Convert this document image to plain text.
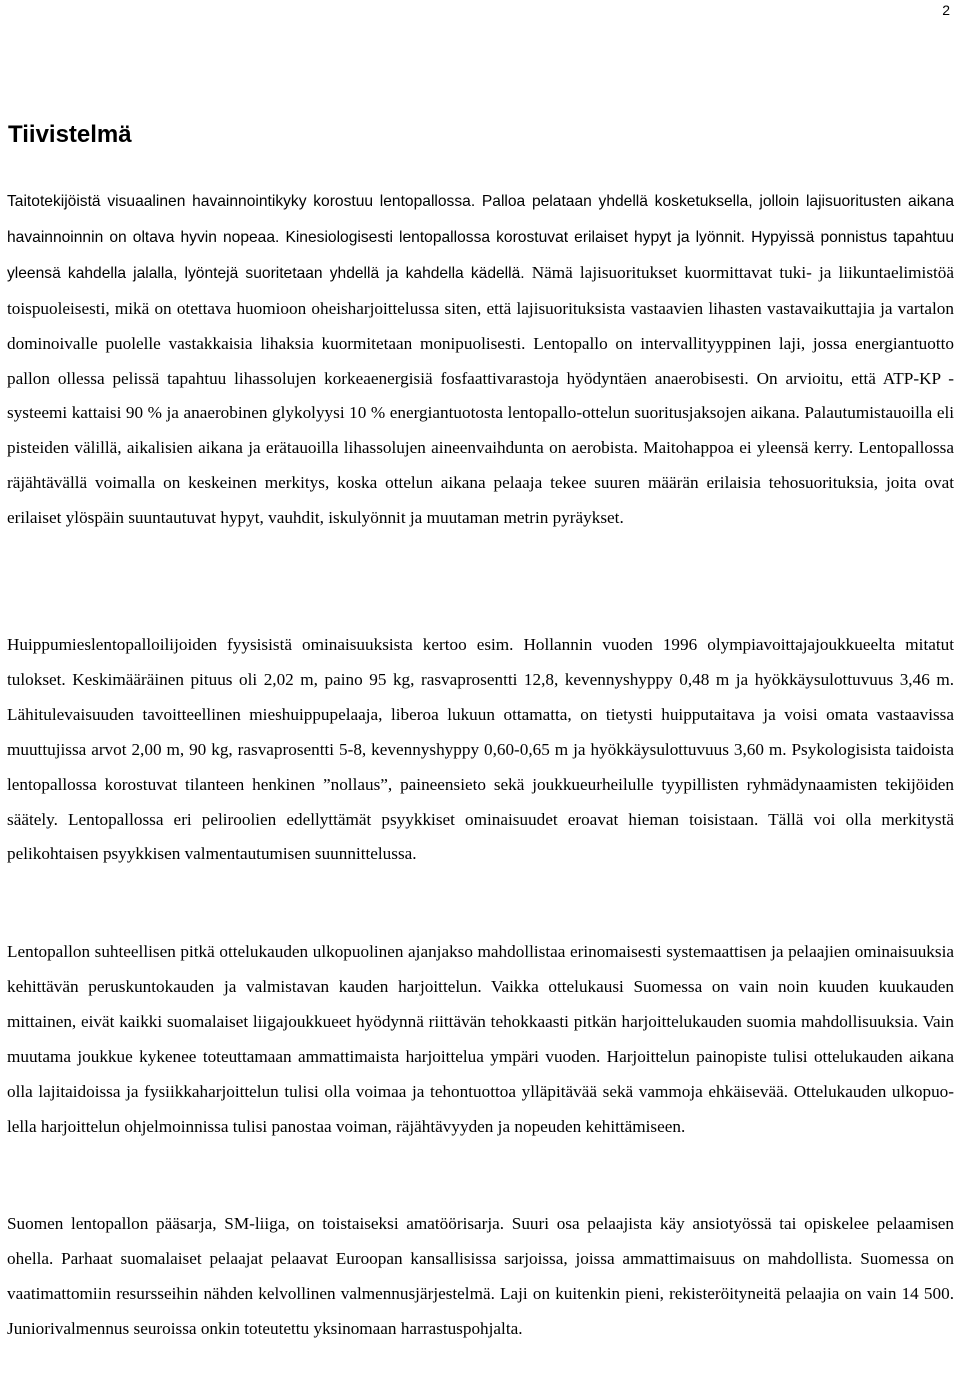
2
Tiivistelmä

Taitotekijöistä visuaalinen havainnointikyky korostuu lentopallossa. Palloa pelataan yhdellä kosketuksella, jolloin lajisuoritusten aikana havainnoinnin on oltava hyvin nopeaa. Kinesiologisesti lentopallossa korostuvat erilaiset hypyt ja lyönnit. Hypyissä ponnistus tapahtuu yleensä kahdella jalalla, lyöntejä suoritetaan yhdellä ja kahdella kädellä. Nämä lajisuoritukset kuormittavat tuki- ja liikuntaelimistöä toispuoleisesti, mikä on otettava huomioon oheisharjoittelussa siten, että lajisuorituksista vastaavien lihasten vastavaikuttajia ja vartalon dominoivalle puolelle vastakkaisia lihaksia kuormitetaan monipuolisesti. Lentopallo on intervallityyppinen laji, jossa energiantuotto pallon ollessa pelissä tapahtuu lihassolujen korkeaenergisiä fosfaattivarastoja hyödyntäen anaerobisesti. On arvioitu, että ATP-KP -systeemi kattaisi 90 % ja anaerobinen glykolyysi 10 % energiantuotosta lentopallo-ottelun suoritusjaksojen aikana. Palautumistauoilla eli pisteiden välillä, aikalisien aikana ja erätauoilla lihassolujen aineenvaihdunta on aerobista. Maitohappoa ei yleensä kerry. Lentopallossa räjähtävällä voimalla on keskeinen merkitys, koska ottelun aikana pelaaja tekee suuren määrän erilaisia tehosuorituksia, joita ovat erilaiset ylöspäin suuntautuvat hypyt, vauhdit, iskulyönnit ja muutaman metrin pyräykset.

Huippumieslentopalloilijoiden fyysisistä ominaisuuksista kertoo esim. Hollannin vuoden 1996 olympiavoittajajoukkueelta mitatut tulokset. Keskimääräinen pituus oli 2,02 m, paino 95 kg, rasvaprosentti 12,8, kevennyshyppy 0,48 m ja hyökkäysulottuvuus 3,46 m. Lähitulevaisuuden tavoitteellinen mieshuippupelaaja, liberoa lukuun ottamatta, on tietysti huipputaitava ja voisi omata vastaavissa muuttujissa arvot 2,00 m, 90 kg, rasvaprosentti 5-8, kevennyshyppy 0,60-0,65 m ja hyökkäysulottuvuus 3,60 m. Psykologisista taidoista lentopallossa korostuvat tilanteen henkinen ”nollaus”, paineensieto sekä joukkueurheilulle tyypillisten ryhmädynaamisten tekijöiden säätely. Lentopallossa eri peliroolien edellyttämät psyykkiset ominaisuudet eroavat hieman toisistaan. Tällä voi olla merkitystä pelikohtaisen psyykkisen valmentautumisen suunnittelussa.

Lentopallon suhteellisen pitkä ottelukauden ulkopuolinen ajanjakso mahdollistaa erinomaisesti systemaattisen ja pelaajien ominaisuuksia kehittävän peruskuntokauden ja valmistavan kauden harjoittelun. Vaikka ottelukausi Suomessa on vain noin kuuden kuukauden mittainen, eivät kaikki suomalaiset liigajoukkueet hyödynnä riittävän tehokkaasti pitkän harjoittelukauden suomia mahdollisuuksia. Vain muutama joukkue kykenee toteuttamaan ammattimaista harjoittelua ympäri vuoden. Harjoittelun painopiste tulisi ottelukauden aikana olla lajitaidoissa ja fysiikkaharjoittelun tulisi olla voimaa ja tehontuottoa ylläpitävää sekä vammoja ehkäisevää. Ottelukauden ulkopuolella harjoittelun ohjelmoinnissa tulisi panostaa voiman, räjähtävyyden ja nopeuden kehittämiseen.

Suomen lentopallon pääsarja, SM-liiga, on toistaiseksi amatöörisarja. Suuri osa pelaajista käy ansiotyössä tai opiskelee pelaamisen ohella. Parhaat suomalaiset pelaajat pelaavat Euroopan kansallisissa sarjoissa, joissa ammattimaisuus on mahdollista. Suomessa on vaatimattomiin resursseihin nähden kelvollinen valmennusjärjestelmä. Laji on kuitenkin pieni, rekisteröityneitä pelaajia on vain 14 500. Juniorivalmennus seuroissa onkin toteutettu yksinomaan harrastuspohjalta.
